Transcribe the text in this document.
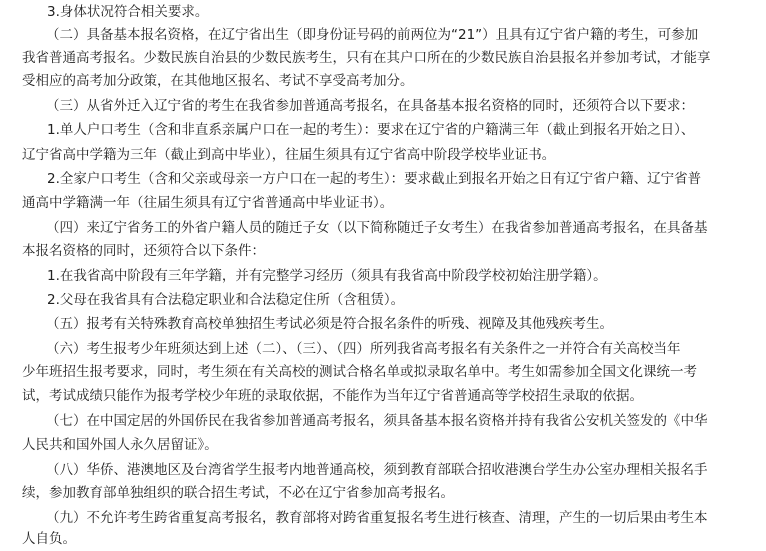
3.身体状况符合相关要求。
（二）具备基本报名资格，在辽宁省出生（即身份证号码的前两位为“21”）且具有辽宁省户籍的考生，可参加
我省普通高考报名。少数民族自治县的少数民族考生，只有在其户口所在的少数民族自治县报名并参加考试，才能享
受相应的高考加分政策，在其他地区报名、考试不享受高考加分。
（三）从省外迁入辽宁省的考生在我省参加普通高考报名，在具备基本报名资格的同时，还须符合以下要求：
1.单人户口考生（含和非直系亲属户口在一起的考生）：要求在辽宁省的户籍满三年（截止到报名开始之日）、
辽宁省高中学籍为三年（截止到高中毕业），往届生须具有辽宁省高中阶段学校毕业证书。
2.全家户口考生（含和父亲或母亲一方户口在一起的考生）：要求截止到报名开始之日有辽宁省户籍、辽宁省普
通高中学籍满一年（往届生须具有辽宁省普通高中毕业证书）。
（四）来辽宁省务工的外省户籍人员的随迁子女（以下简称随迁子女考生）在我省参加普通高考报名，在具备基
本报名资格的同时，还须符合以下条件：
1.在我省高中阶段有三年学籍，并有完整学习经历（须具有我省高中阶段学校初始注册学籍）。
2.父母在我省具有合法稳定职业和合法稳定住所（含租赁）。
（五）报考有关特殊教育高校单独招生考试必须是符合报名条件的听残、视障及其他残疾考生。
（六）考生报考少年班须达到上述（二）、（三）、（四）所列我省高考报名有关条件之一并符合有关高校当年
少年班招生报考要求，同时，考生须在有关高校的测试合格名单或拟录取名单中。考生如需参加全国文化课统一考
试，考试成绩只能作为报考学校少年班的录取依据，不能作为当年辽宁省普通高等学校招生录取的依据。
（七）在中国定居的外国侨民在我省参加普通高考报名，须具备基本报名资格并持有我省公安机关签发的《中华
人民共和国外国人永久居留证》。
（八）华侨、港澳地区及台湾省学生报考内地普通高校，须到教育部联合招收港澳台学生办公室办理相关报名手
续，参加教育部单独组织的联合招生考试，不必在辽宁省参加高考报名。
（九）不允许考生跨省重复高考报名，教育部将对跨省重复报名考生进行核查、清理，产生的一切后果由考生本
人自负。
